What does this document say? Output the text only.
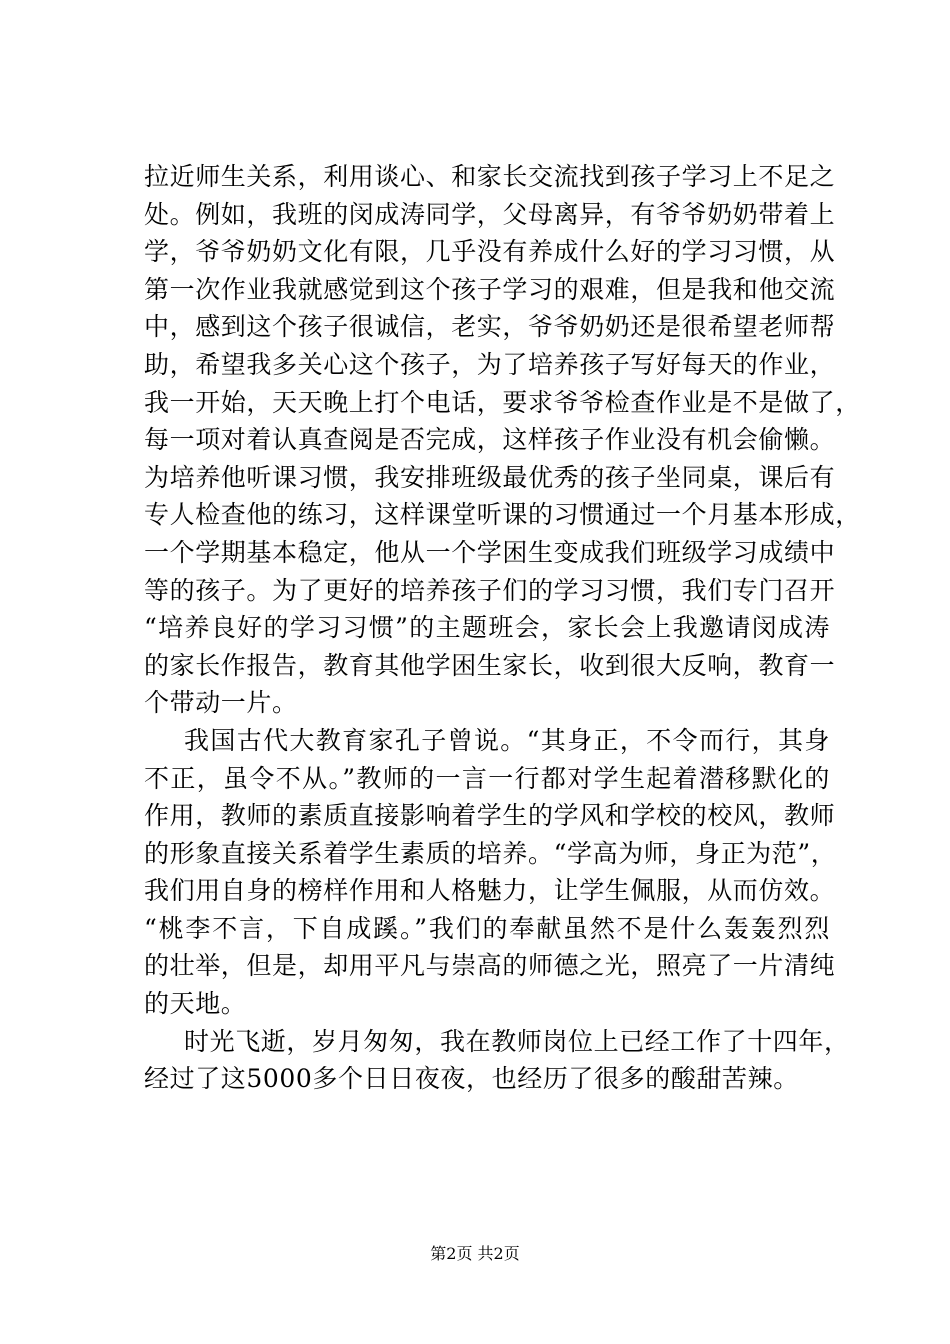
拉近师生关系，利用谈心、和家长交流找到孩子学习上不足之
处。例如，我班的闵成涛同学，父母离异，有爷爷奶奶带着上
学，爷爷奶奶文化有限，几乎没有养成什么好的学习习惯，从
第一次作业我就感觉到这个孩子学习的艰难，但是我和他交流
中，感到这个孩子很诚信，老实，爷爷奶奶还是很希望老师帮
助，希望我多关心这个孩子，为了培养孩子写好每天的作业，
我一开始，天天晚上打个电话，要求爷爷检查作业是不是做了，
每一项对着认真查阅是否完成，这样孩子作业没有机会偷懒。
为培养他听课习惯，我安排班级最优秀的孩子坐同桌，课后有
专人检查他的练习，这样课堂听课的习惯通过一个月基本形成，
一个学期基本稳定，他从一个学困生变成我们班级学习成绩中
等的孩子。为了更好的培养孩子们的学习习惯，我们专门召开
“培养良好的学习习惯”的主题班会，家长会上我邀请闵成涛
的家长作报告，教育其他学困生家长，收到很大反响，教育一
个带动一片。
我国古代大教育家孔子曾说。“其身正，不令而行，其身
不正，虽令不从。”教师的一言一行都对学生起着潜移默化的
作用，教师的素质直接影响着学生的学风和学校的校风，教师
的形象直接关系着学生素质的培养。“学高为师，身正为范”，
我们用自身的榜样作用和人格魅力，让学生佩服，从而仿效。
“桃李不言，下自成蹊。”我们的奉献虽然不是什么轰轰烈烈
的壮举，但是，却用平凡与崇高的师德之光，照亮了一片清纯
的天地。
时光飞逝，岁月匆匆，我在教师岗位上已经工作了十四年，
经过了这5000多个日日夜夜，也经历了很多的酸甜苦辣。
第2页 共2页
